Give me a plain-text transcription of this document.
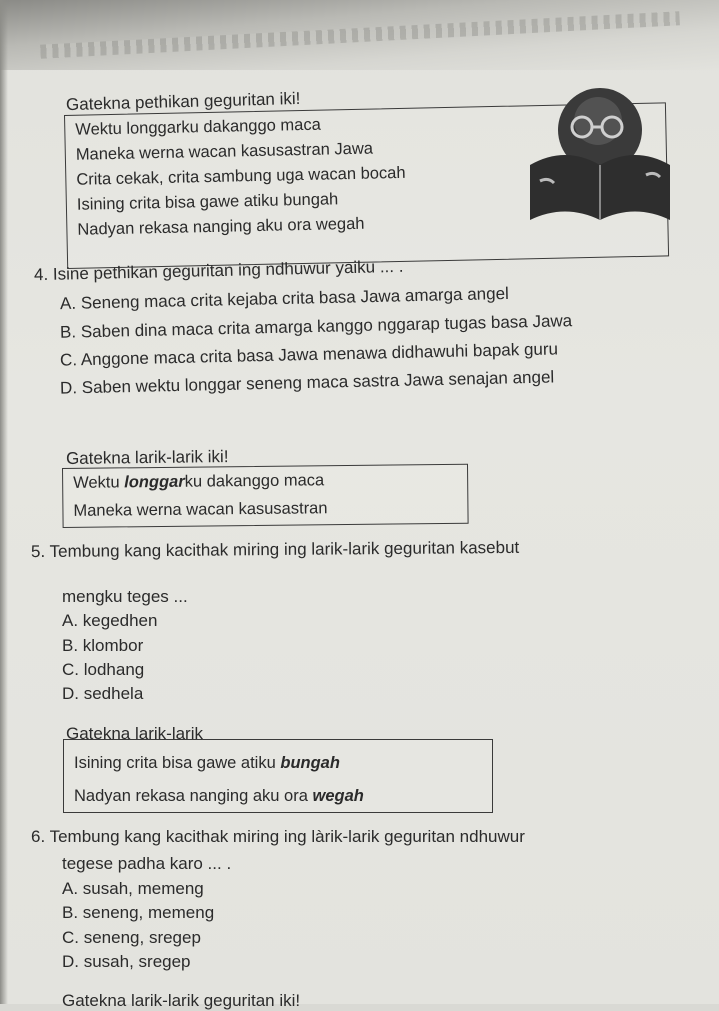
Gatekna pethikan geguritan iki!
Wektu longgarku dakanggo maca
Maneka werna wacan kasusastran Jawa
Crita cekak, crita sambung uga wacan bocah
Isining crita bisa gawe atiku bungah
Nadyan rekasa nanging aku ora wegah
4. Isine pethikan geguritan ing ndhuwur yaiku ... .
A. Seneng maca crita kejaba crita basa Jawa amarga angel
B. Saben dina maca crita amarga kanggo nggarap tugas basa Jawa
C. Anggone maca crita basa Jawa menawa didhawuhi bapak guru
D. Saben wektu longgar seneng maca sastra Jawa senajan angel
Gatekna larik-larik iki!
Wektu longgarku dakanggo maca
Maneka werna wacan kasusastran
5. Tembung kang kacithak miring ing larik-larik geguritan kasebut
mengku teges ...
A. kegedhen
B. klombor
C. lodhang
D. sedhela
Gatekna larik-larik
Isining crita bisa gawe atiku bungah
Nadyan rekasa nanging aku ora wegah
6. Tembung kang kacithak miring ing làrik-larik geguritan ndhuwur
tegese padha karo ... .
A. susah, memeng
B. seneng, memeng
C. seneng, sregep
D. susah, sregep
Gatekna larik-larik geguritan iki!
